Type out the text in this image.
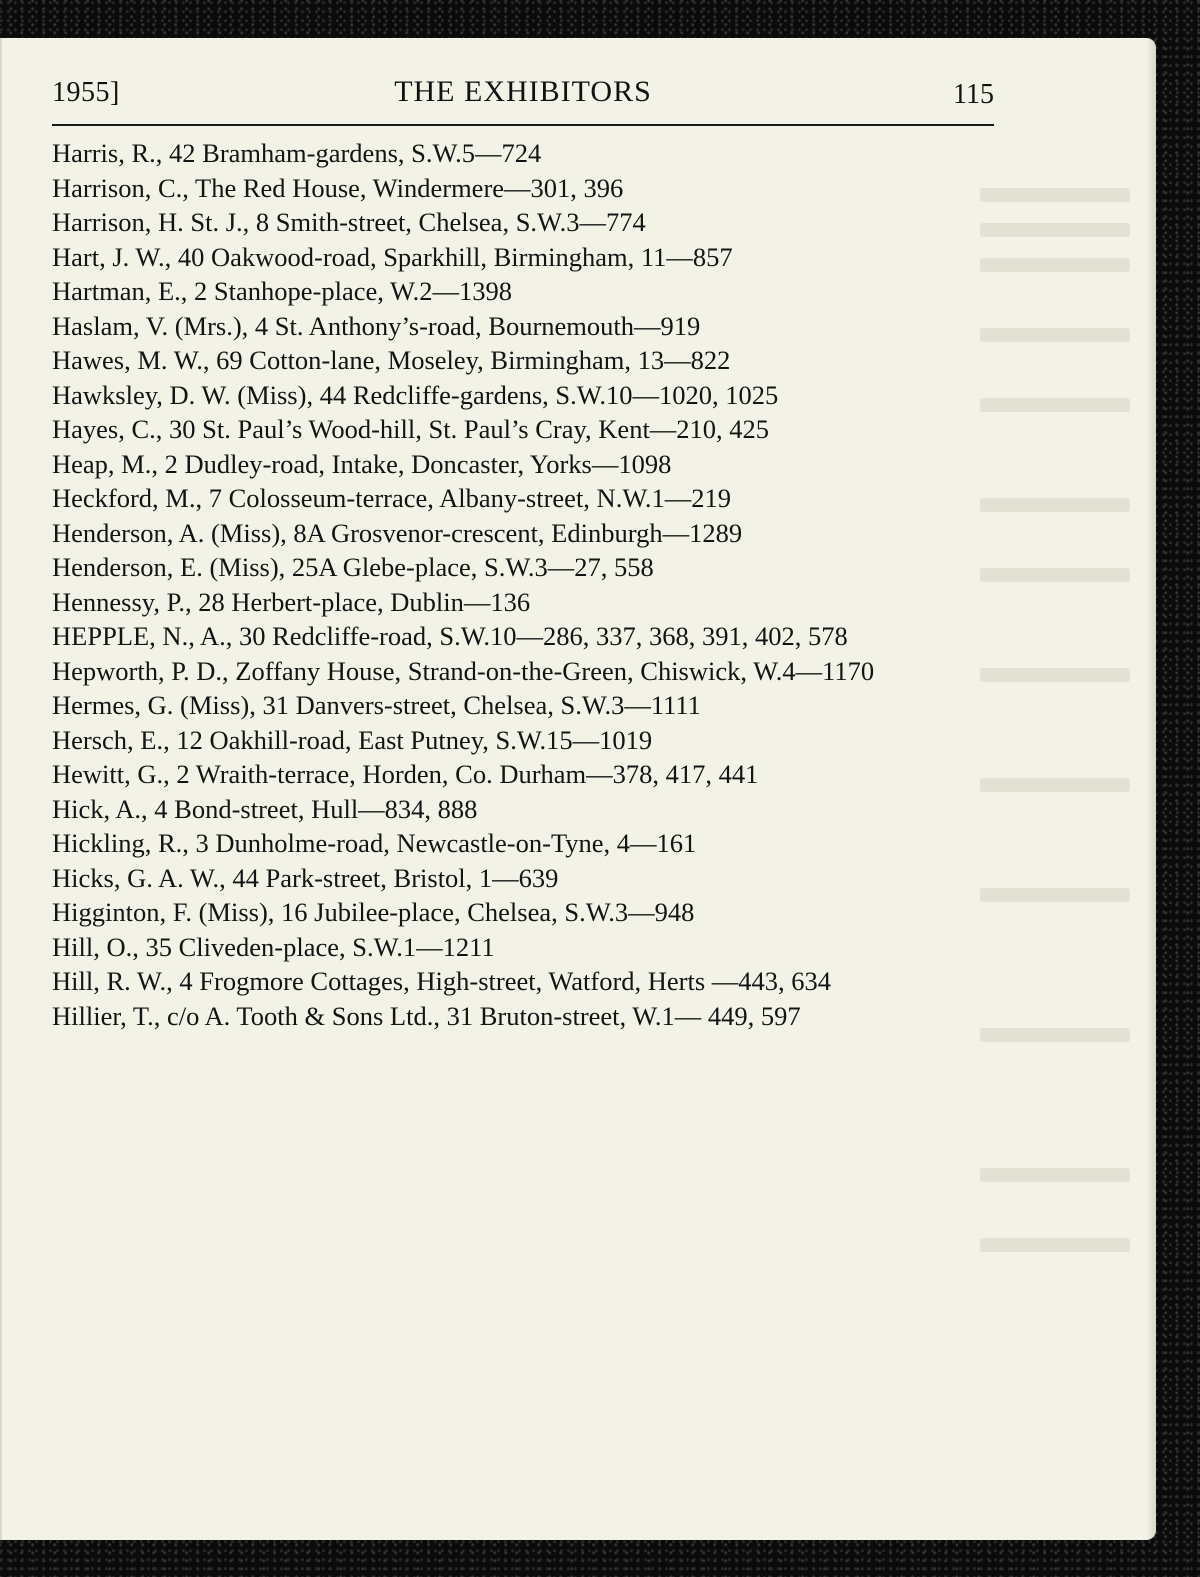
1955]	THE EXHIBITORS	115
Harris, R., 42 Bramham-gardens, S.W.5—724
Harrison, C., The Red House, Windermere—301, 396
Harrison, H. St. J., 8 Smith-street, Chelsea, S.W.3—774
Hart, J. W., 40 Oakwood-road, Sparkhill, Birmingham, 11—857
Hartman, E., 2 Stanhope-place, W.2—1398
Haslam, V. (Mrs.), 4 St. Anthony’s-road, Bournemouth—919
Hawes, M. W., 69 Cotton-lane, Moseley, Birmingham, 13—822
Hawksley, D. W. (Miss), 44 Redcliffe-gardens, S.W.10—1020, 1025
Hayes, C., 30 St. Paul’s Wood-hill, St. Paul’s Cray, Kent—210, 425
Heap, M., 2 Dudley-road, Intake, Doncaster, Yorks—1098
Heckford, M., 7 Colosseum-terrace, Albany-street, N.W.1—219
Henderson, A. (Miss), 8A Grosvenor-crescent, Edinburgh—1289
Henderson, E. (Miss), 25A Glebe-place, S.W.3—27, 558
Hennessy, P., 28 Herbert-place, Dublin—136
HEPPLE, N., A., 30 Redcliffe-road, S.W.10—286, 337, 368, 391, 402, 578
Hepworth, P. D., Zoffany House, Strand-on-the-Green, Chiswick, W.4—1170
Hermes, G. (Miss), 31 Danvers-street, Chelsea, S.W.3—1111
Hersch, E., 12 Oakhill-road, East Putney, S.W.15—1019
Hewitt, G., 2 Wraith-terrace, Horden, Co. Durham—378, 417, 441
Hick, A., 4 Bond-street, Hull—834, 888
Hickling, R., 3 Dunholme-road, Newcastle-on-Tyne, 4—161
Hicks, G. A. W., 44 Park-street, Bristol, 1—639
Higginton, F. (Miss), 16 Jubilee-place, Chelsea, S.W.3—948
Hill, O., 35 Cliveden-place, S.W.1—1211
Hill, R. W., 4 Frogmore Cottages, High-street, Watford, Herts —443, 634
Hillier, T., c/o A. Tooth & Sons Ltd., 31 Bruton-street, W.1— 449, 597
